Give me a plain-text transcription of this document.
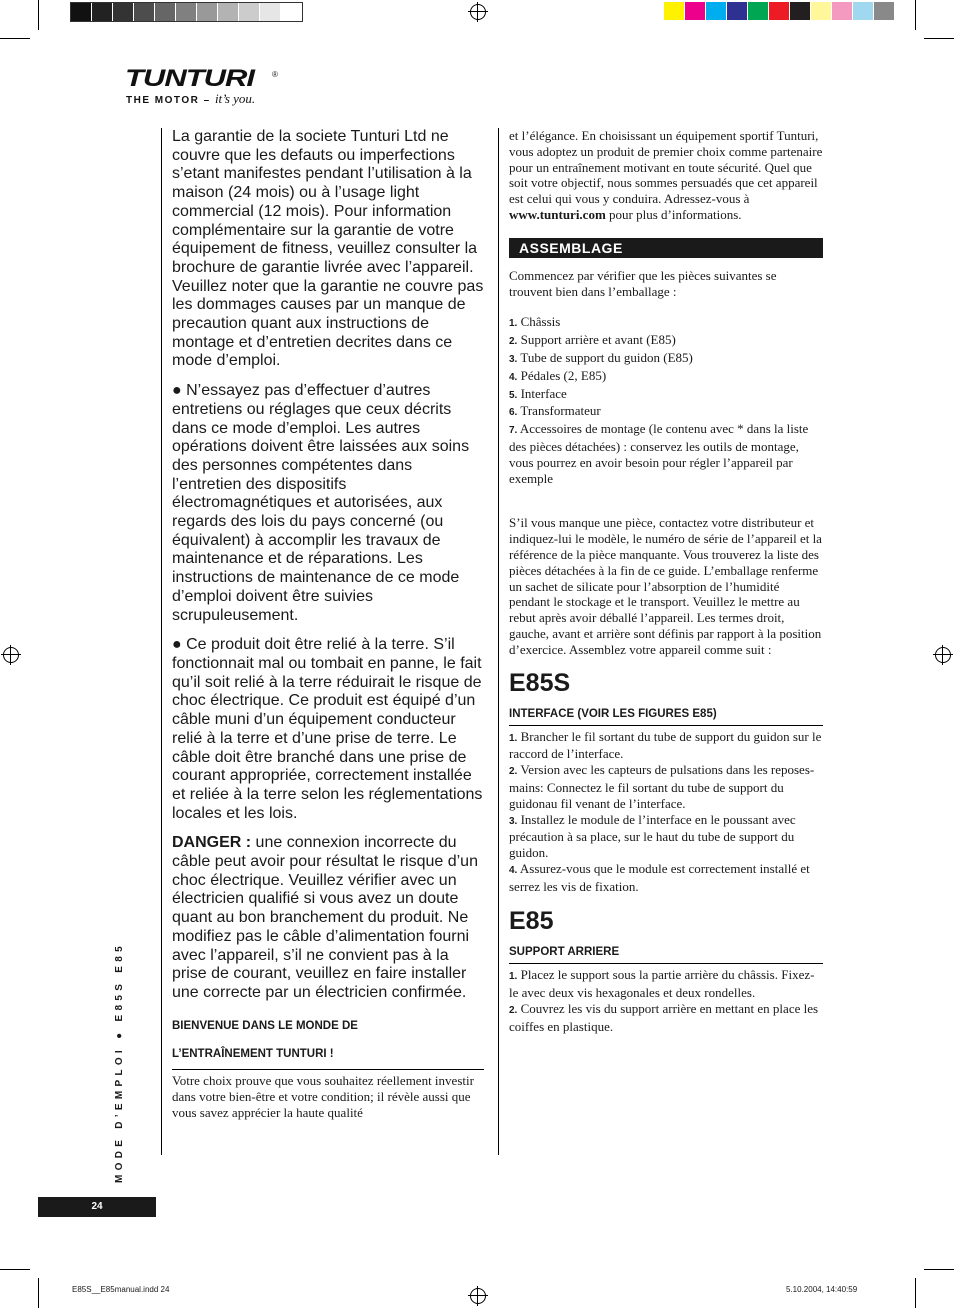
TUNTURI ®
THE MOTOR – it’s you.

La garantie de la societe Tunturi Ltd ne couvre que les defauts ou imperfections s’etant manifestes pendant l’utilisation à la maison (24 mois) ou à l’usage light commercial (12 mois). Pour information complémentaire sur la garantie de votre équipement de fitness, veuillez consulter la brochure de garantie livrée avec l’appareil. Veuillez noter que la garantie ne couvre pas les dommages causes par un manque de precaution quant aux instructions de montage et d’entretien decrites dans ce mode d’emploi.

● N’essayez pas d’effectuer d’autres entretiens ou réglages que ceux décrits dans ce mode d’emploi. Les autres opérations doivent être laissées aux soins des personnes compétentes dans l’entretien des dispositifs électromagnétiques et autorisées, aux regards des lois du pays concerné (ou équivalent) à accomplir les travaux de maintenance et de réparations. Les instructions de maintenance de ce mode d’emploi doivent être suivies scrupuleusement.

● Ce produit doit être relié à la terre. S’il fonctionnait mal ou tombait en panne, le fait qu’il soit relié à la terre réduirait le risque de choc électrique. Ce produit est équipé d’un câble muni d’un équipement conducteur relié à la terre et d’une prise de terre. Le câble doit être branché dans une prise de courant appropriée, correctement installée et reliée à la terre selon les réglementations locales et les lois.

DANGER : une connexion incorrecte du câble peut avoir pour résultat le risque d’un choc électrique. Veuillez vérifier avec un électricien qualifié si vous avez un doute quant au bon branchement du produit. Ne modifiez pas le câble d’alimentation fourni avec l’appareil, s’il ne convient pas à la prise de courant, veuillez en faire installer une correcte par un électricien confirmée.

BIENVENUE DANS LE MONDE DE
L’ENTRAÎNEMENT TUNTURI !

Votre choix prouve que vous souhaitez réellement investir dans votre bien-être et votre condition; il révèle aussi que vous savez apprécier la haute qualité

et l’élégance. En choisissant un équipement sportif Tunturi, vous adoptez un produit de premier choix comme partenaire pour un entraînement motivant en toute sécurité. Quel que soit votre objectif, nous sommes persuadés que cet appareil est celui qui vous y conduira. Adressez-vous à www.tunturi.com pour plus d’informations.

ASSEMBLAGE

Commencez par vérifier que les pièces suivantes se trouvent bien dans l’emballage :

1. Châssis
2. Support arrière et avant (E85)
3. Tube de support du guidon (E85)
4. Pédales (2, E85)
5. Interface
6. Transformateur
7. Accessoires de montage (le contenu avec * dans la liste des pièces détachées) : conservez les outils de montage, vous pourrez en avoir besoin pour régler l’appareil par exemple

S’il vous manque une pièce, contactez votre distributeur et indiquez-lui le modèle, le numéro de série de l’appareil et la référence de la pièce manquante. Vous trouverez la liste des pièces détachées à la fin de ce guide. L’emballage renferme un sachet de silicate pour l’absorption de l’humidité pendant le stockage et le transport. Veuillez le mettre au rebut après avoir déballé l’appareil. Les termes droit, gauche, avant et arrière sont définis par rapport à la position d’exercice. Assemblez votre appareil comme suit :

E85S
INTERFACE (VOIR LES FIGURES E85)
1. Brancher le fil sortant du tube de support du guidon sur le raccord de l’interface.
2. Version avec les capteurs de pulsations dans les reposes-mains: Connectez le fil sortant du tube de support du guidonau fil venant de l’interface.
3. Installez le module de l’interface en le poussant avec précaution à sa place, sur le haut du tube de support du guidon.
4. Assurez-vous que le module est correctement installé et serrez les vis de fixation.
E85
SUPPORT ARRIERE
1. Placez le support sous la partie arrière du châssis. Fixez-le avec deux vis hexagonales et deux rondelles.
2. Couvrez les vis du support arrière en mettant en place les coiffes en plastique.
MODE D’EMPLOI ● E85S E85
24
E85S__E85manual.indd 24	5.10.2004, 14:40:59
